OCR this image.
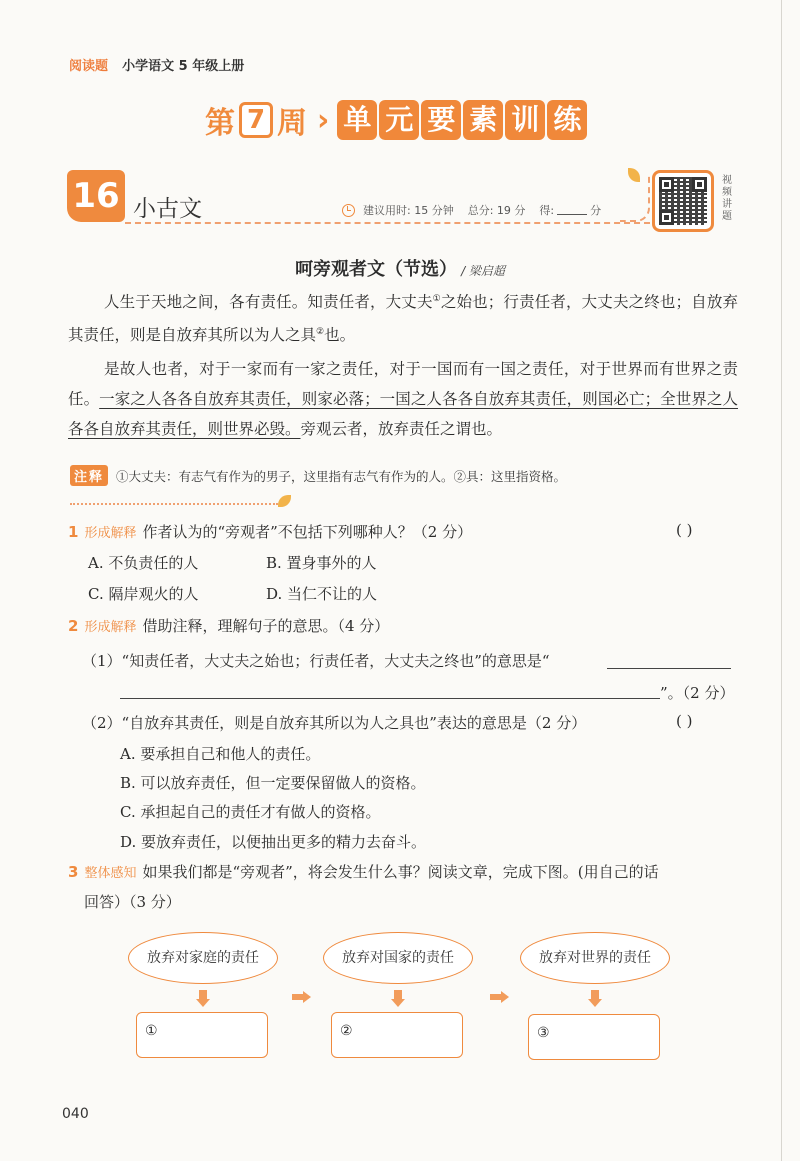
阅读题 小学语文 5 年级上册
第 7 周 › 单 元 要 素 训 练
16 小古文	建议用时: 15 分钟 总分: 19 分 得:	分
视
频
讲
题
呵旁观者文（节选） / 梁启超
人生于天地之间，各有责任。知责任者，大丈夫①之始也；行责任者，大丈夫之终也；自放弃其责任，则是自放弃其所以为人之具②也。
是故人也者，对于一家而有一家之责任，对于一国而有一国之责任，对于世界而有世界之责任。一家之人各各自放弃其责任，则家必落；一国之人各各自放弃其责任，则国必亡；全世界之人各各自放弃其责任，则世界必毁。旁观云者，放弃责任之谓也。
注释 ①大丈夫：有志气有作为的男子，这里指有志气有作为的人。②具：这里指资格。
1 形成解释 作者认为的“旁观者”不包括下列哪种人？（2 分）	( )
A. 不负责任的人	B. 置身事外的人
C. 隔岸观火的人	D. 当仁不让的人
2 形成解释 借助注释，理解句子的意思。（4 分）
（1）“知责任者，大丈夫之始也；行责任者，大丈夫之终也”的意思是“
”。（2 分）
（2）“自放弃其责任，则是自放弃其所以为人之具也”表达的意思是（2 分）	( )
A. 要承担自己和他人的责任。
B. 可以放弃责任，但一定要保留做人的资格。
C. 承担起自己的责任才有做人的资格。
D. 要放弃责任，以便抽出更多的精力去奋斗。
3 整体感知 如果我们都是“旁观者”，将会发生什么事？阅读文章，完成下图。(用自己的话
回答）（3 分）
放弃对家庭的责任	放弃对国家的责任	放弃对世界的责任
①	②	③
040
